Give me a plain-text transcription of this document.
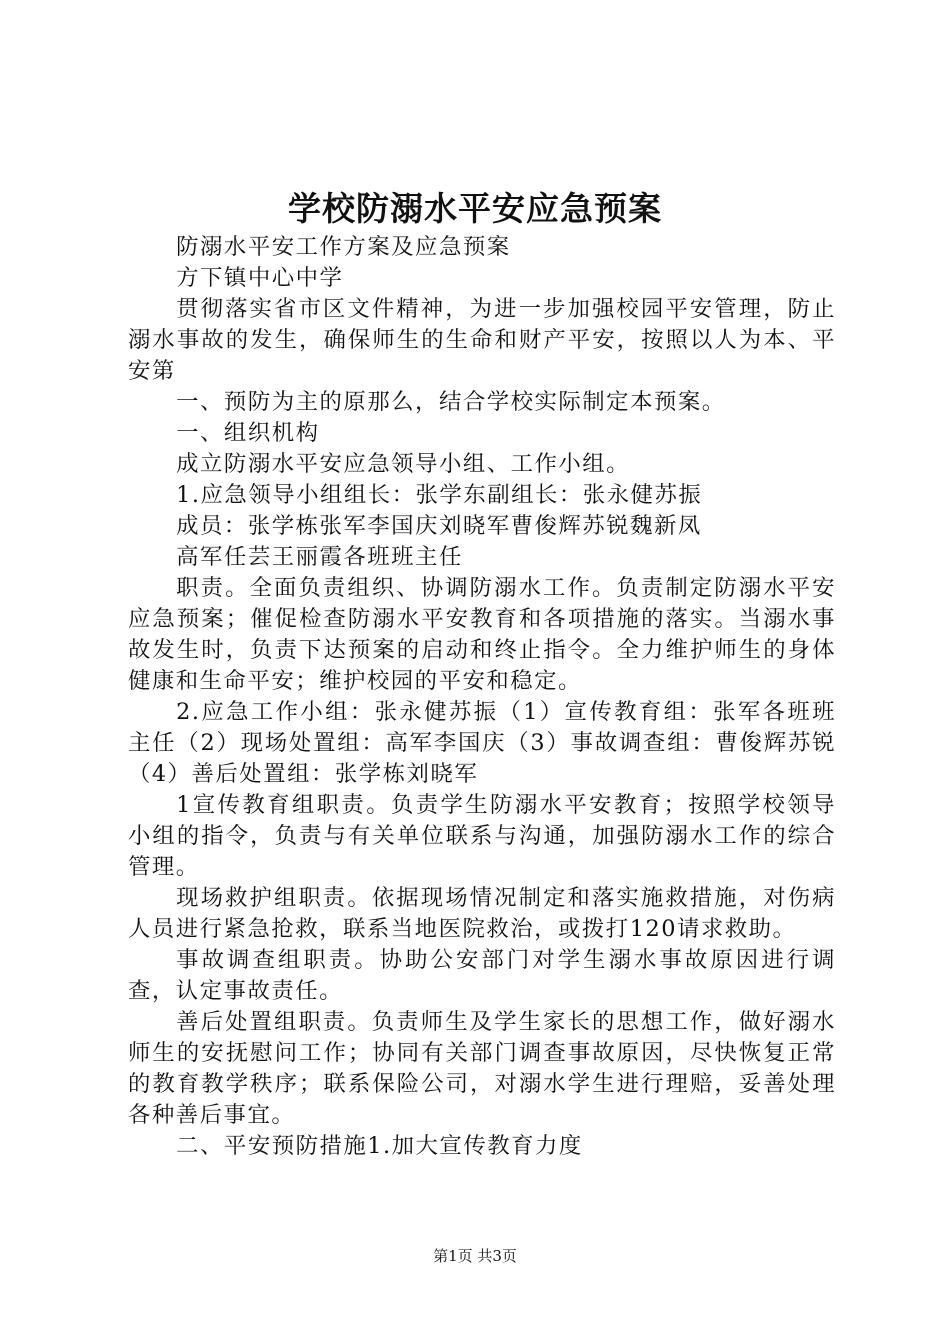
学校防溺水平安应急预案

防溺水平安工作方案及应急预案

方下镇中心中学

贯彻落实省市区文件精神，为进一步加强校园平安管理，防止溺水事故的发生，确保师生的生命和财产平安，按照以人为本、平安第

一、预防为主的原那么，结合学校实际制定本预案。

一、组织机构

成立防溺水平安应急领导小组、工作小组。

1.应急领导小组组长：张学东副组长：张永健苏振

成员：张学栋张军李国庆刘晓军曹俊辉苏锐魏新凤

高军任芸王丽霞各班班主任

职责。全面负责组织、协调防溺水工作。负责制定防溺水平安应急预案；催促检查防溺水平安教育和各项措施的落实。当溺水事故发生时，负责下达预案的启动和终止指令。全力维护师生的身体健康和生命平安；维护校园的平安和稳定。

2.应急工作小组：张永健苏振（1）宣传教育组：张军各班班主任（2）现场处置组：高军李国庆（3）事故调查组：曹俊辉苏锐（4）善后处置组：张学栋刘晓军

1宣传教育组职责。负责学生防溺水平安教育；按照学校领导小组的指令，负责与有关单位联系与沟通，加强防溺水工作的综合管理。

现场救护组职责。依据现场情况制定和落实施救措施，对伤病人员进行紧急抢救，联系当地医院救治，或拨打120请求救助。

事故调查组职责。协助公安部门对学生溺水事故原因进行调查，认定事故责任。

善后处置组职责。负责师生及学生家长的思想工作，做好溺水师生的安抚慰问工作；协同有关部门调查事故原因，尽快恢复正常的教育教学秩序；联系保险公司，对溺水学生进行理赔，妥善处理各种善后事宜。

二、平安预防措施1.加大宣传教育力度

第1页 共3页
